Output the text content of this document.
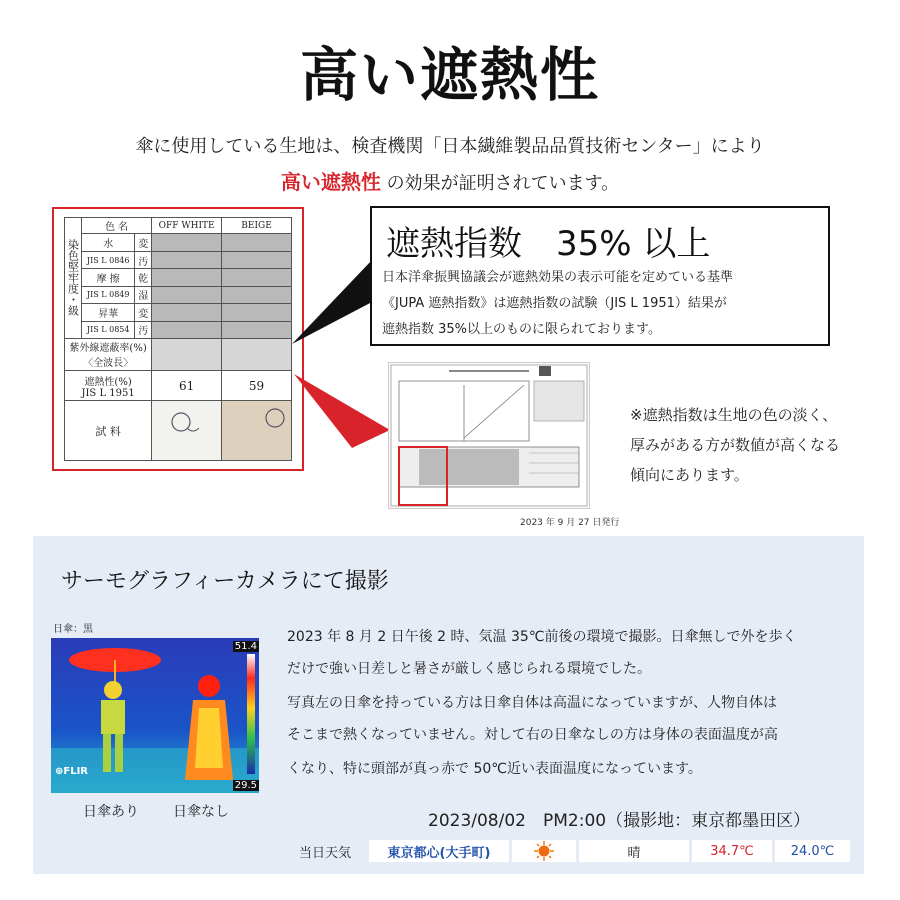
高い遮熱性
傘に使用している生地は、検査機関「日本繊維製品品質技術センター」により
高い遮熱性 の効果が証明されています。
染色堅牢度・級	色 名		OFF WHITE	BEIGE
	水	変		
	JIS L 0846	汚		
	摩 擦	乾		
	JIS L 0849	湿		
	昇華	変		
	JIS L 0854	汚		

紫外線遮蔽率(%)
〈全波長〉				

遮熱性(%)
JIS L 1951			61	59
試 料		
遮熱指数　35% 以上
日本洋傘振興協議会が遮熱効果の表示可能を定めている基準
《JUPA 遮熱指数》は遮熱指数の試験（JIS L 1951）結果が
遮熱指数 35%以上のものに限られております。
2023 年 9 月 27 日発行
※遮熱指数は生地の色の淡く、
厚みがある方が数値が高くなる
傾向にあります。
サーモグラフィーカメラにて撮影
日傘：黒
51.4
29.5
⊕FLIR
日傘あり 日傘なし
2023 年 8 月 2 日午後 2 時、気温 35℃前後の環境で撮影。日傘無しで外を歩く
だけで強い日差しと暑さが厳しく感じられる環境でした。
写真左の日傘を持っている方は日傘自体は高温になっていますが、人物自体は
そこまで熱くなっていません。対して右の日傘なしの方は身体の表面温度が高
くなり、特に頭部が真っ赤で 50℃近い表面温度になっています。
2023/08/02　PM2:00（撮影地：東京都墨田区）
当日天気	東京都心(大手町)	晴	34.7℃	24.0℃
